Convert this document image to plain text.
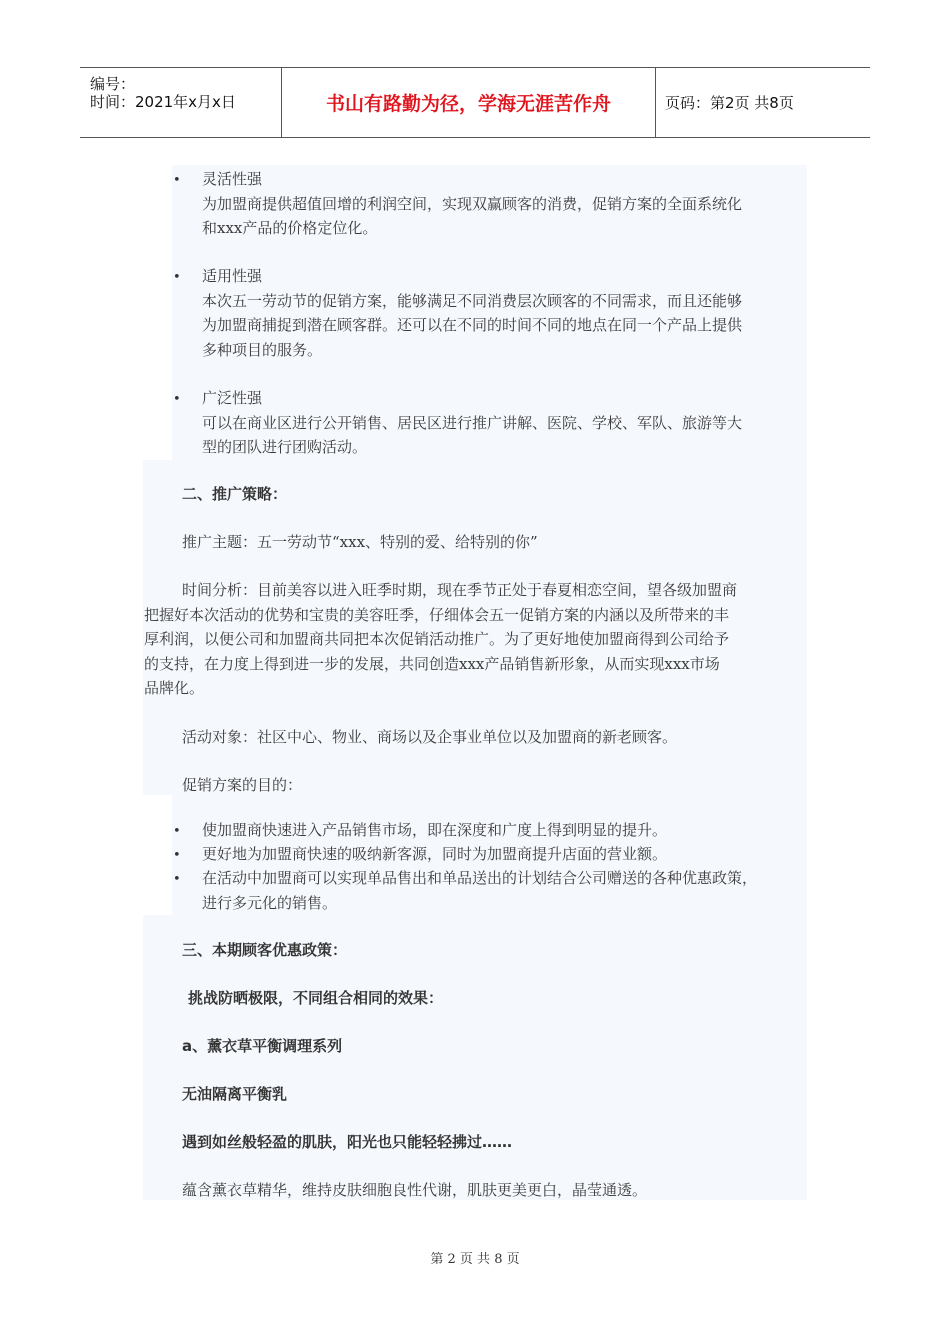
编号：
时间：2021年x月x日	书山有路勤为径，学海无涯苦作舟	页码：第2页 共8页
• 灵活性强
为加盟商提供超值回增的利润空间，实现双赢顾客的消费，促销方案的全面系统化
和xxx产品的价格定位化。
• 适用性强
本次五一劳动节的促销方案，能够满足不同消费层次顾客的不同需求，而且还能够
为加盟商捕捉到潜在顾客群。还可以在不同的时间不同的地点在同一个产品上提供
多种项目的服务。
• 广泛性强
可以在商业区进行公开销售、居民区进行推广讲解、医院、学校、军队、旅游等大
型的团队进行团购活动。
二、推广策略：
推广主题：五一劳动节“xxx、特别的爱、给特别的你”
时间分析：目前美容以进入旺季时期，现在季节正处于春夏相恋空间，望各级加盟商
把握好本次活动的优势和宝贵的美容旺季，仔细体会五一促销方案的内涵以及所带来的丰
厚利润，以便公司和加盟商共同把本次促销活动推广。为了更好地使加盟商得到公司给予
的支持，在力度上得到进一步的发展，共同创造xxx产品销售新形象，从而实现xxx市场
品牌化。
活动对象：社区中心、物业、商场以及企事业单位以及加盟商的新老顾客。
促销方案的目的：
• 使加盟商快速进入产品销售市场，即在深度和广度上得到明显的提升。
• 更好地为加盟商快速的吸纳新客源，同时为加盟商提升店面的营业额。
• 在活动中加盟商可以实现单品售出和单品送出的计划结合公司赠送的各种优惠政策，
进行多元化的销售。
三、本期顾客优惠政策：
挑战防晒极限，不同组合相同的效果：
a、薰衣草平衡调理系列
无油隔离平衡乳
遇到如丝般轻盈的肌肤，阳光也只能轻轻拂过……
蕴含薰衣草精华，维持皮肤细胞良性代谢，肌肤更美更白，晶莹通透。
第 2 页 共 8 页
